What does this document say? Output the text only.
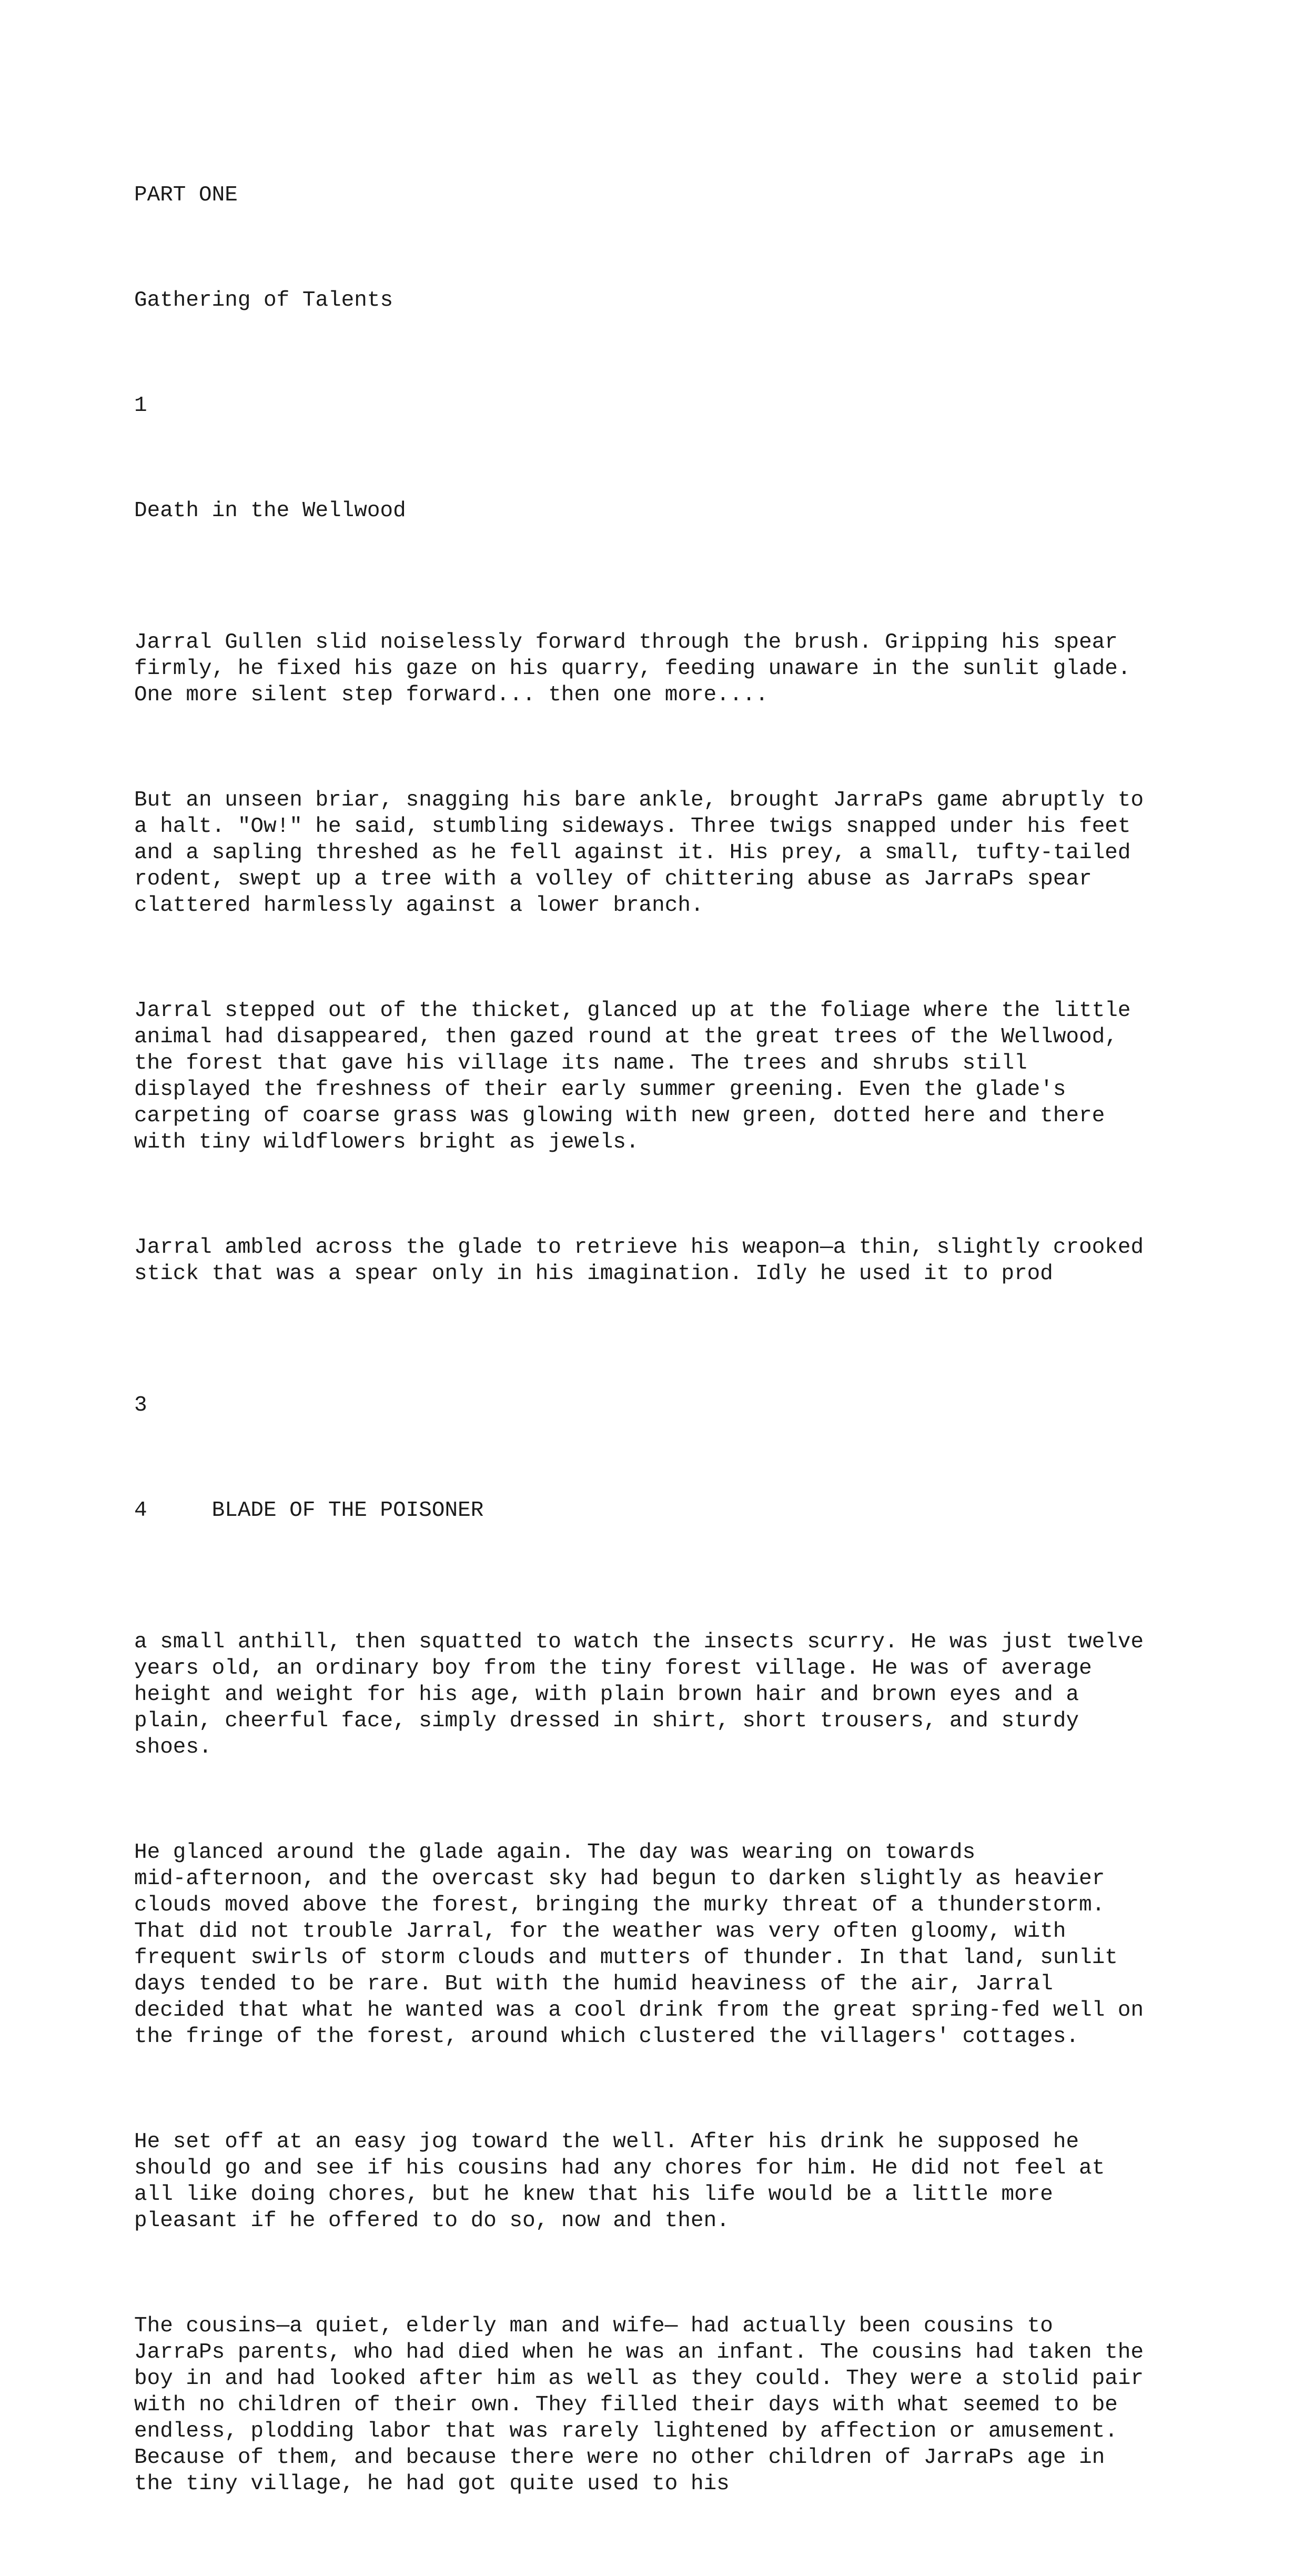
PART ONE

Gathering of Talents

1

Death in the Wellwood

Jarral Gullen slid noiselessly forward through the brush. Gripping his spear
firmly, he fixed his gaze on his quarry, feeding unaware in the sunlit glade.
One more silent step forward... then one more....

But an unseen briar, snagging his bare ankle, brought JarraPs game abruptly to
a halt. "Ow!" he said, stumbling sideways. Three twigs snapped under his feet
and a sapling threshed as he fell against it. His prey, a small, tufty-tailed
rodent, swept up a tree with a volley of chittering abuse as JarraPs spear
clattered harmlessly against a lower branch.

Jarral stepped out of the thicket, glanced up at the foliage where the little
animal had disappeared, then gazed round at the great trees of the Wellwood,
the forest that gave his village its name. The trees and shrubs still
displayed the freshness of their early summer greening. Even the glade's
carpeting of coarse grass was glowing with new green, dotted here and there
with tiny wildflowers bright as jewels.

Jarral ambled across the glade to retrieve his weapon—a thin, slightly crooked
stick that was a spear only in his imagination. Idly he used it to prod

3

4     BLADE OF THE POISONER

a small anthill, then squatted to watch the insects scurry. He was just twelve
years old, an ordinary boy from the tiny forest village. He was of average
height and weight for his age, with plain brown hair and brown eyes and a
plain, cheerful face, simply dressed in shirt, short trousers, and sturdy
shoes.

He glanced around the glade again. The day was wearing on towards
mid-afternoon, and the overcast sky had begun to darken slightly as heavier
clouds moved above the forest, bringing the murky threat of a thunderstorm.
That did not trouble Jarral, for the weather was very often gloomy, with
frequent swirls of storm clouds and mutters of thunder. In that land, sunlit
days tended to be rare. But with the humid heaviness of the air, Jarral
decided that what he wanted was a cool drink from the great spring-fed well on
the fringe of the forest, around which clustered the villagers' cottages.

He set off at an easy jog toward the well. After his drink he supposed he
should go and see if his cousins had any chores for him. He did not feel at
all like doing chores, but he knew that his life would be a little more
pleasant if he offered to do so, now and then.

The cousins—a quiet, elderly man and wife— had actually been cousins to
JarraPs parents, who had died when he was an infant. The cousins had taken the
boy in and had looked after him as well as they could. They were a stolid pair
with no children of their own. They filled their days with what seemed to be
endless, plodding labor that was rarely lightened by affection or amusement.
Because of them, and because there were no other children of JarraPs age in
the tiny village, he had got quite used to his
